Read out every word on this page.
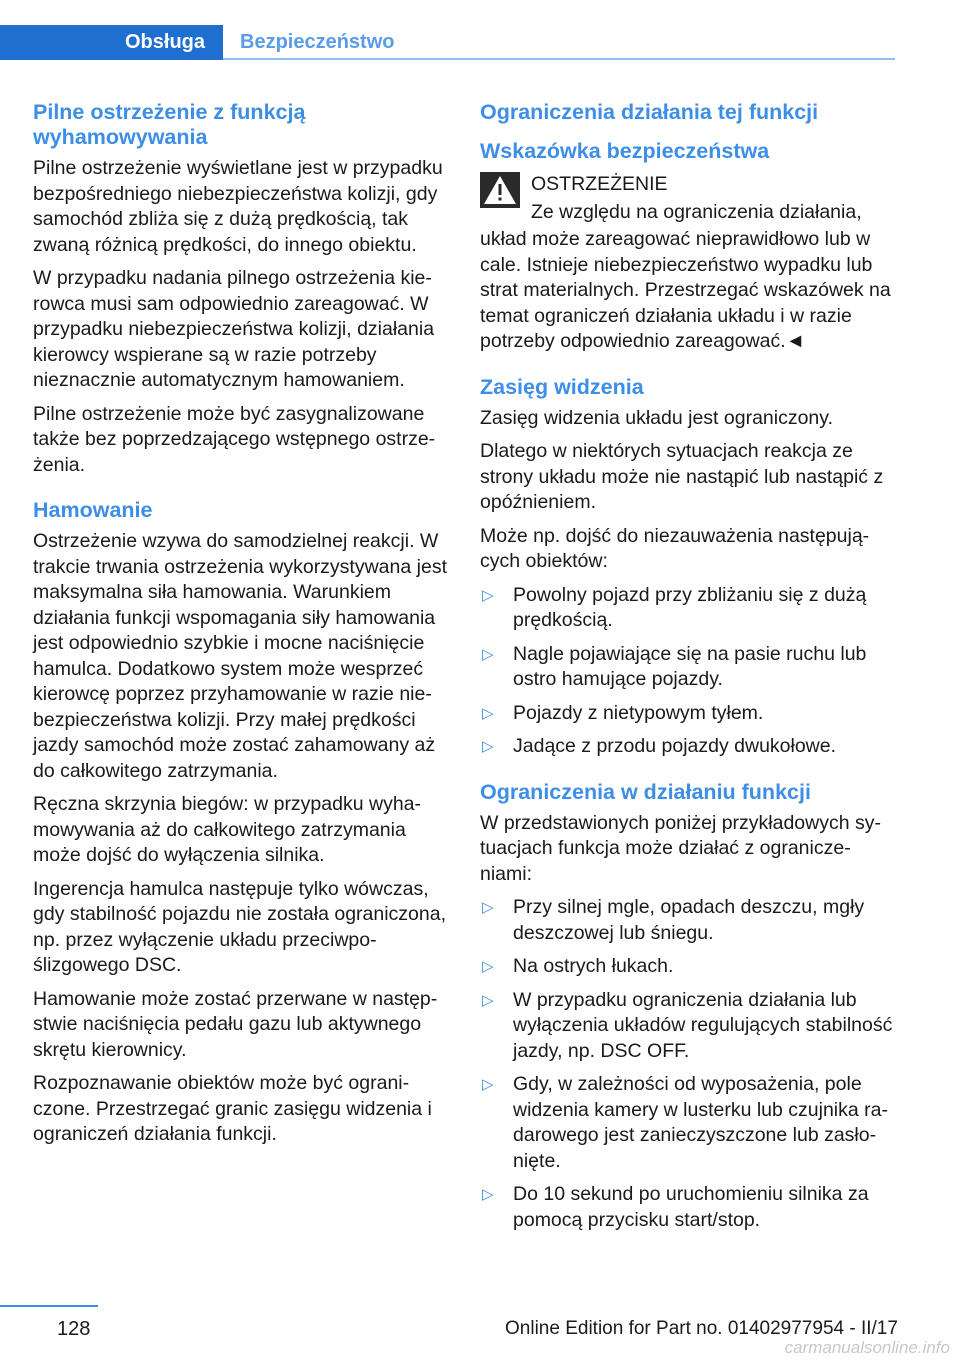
Obsługa Bezpieczeństwo
Pilne ostrzeżenie z funkcją wyhamowywania

Pilne ostrzeżenie wyświetlane jest w przypadku bezpośredniego niebezpieczeństwa kolizji, gdy samochód zbliża się z dużą prędkością, tak zwaną różnicą prędkości, do innego obiektu.

W przypadku nadania pilnego ostrzeżenia kierowca musi sam odpowiednio zareagować. W przypadku niebezpieczeństwa kolizji, działania kierowcy wspierane są w razie potrzeby nieznacznie automatycznym hamowaniem.

Pilne ostrzeżenie może być zasygnalizowane także bez poprzedzającego wstępnego ostrzeżenia.

Hamowanie

Ostrzeżenie wzywa do samodzielnej reakcji. W trakcie trwania ostrzeżenia wykorzystywana jest maksymalna siła hamowania. Warunkiem działania funkcji wspomagania siły hamowania jest odpowiednio szybkie i mocne naciśnięcie hamulca. Dodatkowo system może wesprzeć kierowcę poprzez przyhamowanie w razie niebezpieczeństwa kolizji. Przy małej prędkości jazdy samochód może zostać zahamowany aż do całkowitego zatrzymania.

Ręczna skrzynia biegów: w przypadku wyhamowywania aż do całkowitego zatrzymania może dojść do wyłączenia silnika.

Ingerencja hamulca następuje tylko wówczas, gdy stabilność pojazdu nie została ograniczona, np. przez wyłączenie układu przeciwpoślizgowego DSC.

Hamowanie może zostać przerwane w następstwie naciśnięcia pedału gazu lub aktywnego skrętu kierownicy.

Rozpoznawanie obiektów może być ograniczone. Przestrzegać granic zasięgu widzenia i ograniczeń działania funkcji.

Ograniczenia działania tej funkcji
Wskazówka bezpieczeństwa

OSTRZEŻENIE

Ze względu na ograniczenia działania,

układ może zareagować nieprawidłowo lub w cale. Istnieje niebezpieczeństwo wypadku lub strat materialnych. Przestrzegać wskazówek na temat ograniczeń działania układu i w razie potrzeby odpowiednio zareagować.◄

Zasięg widzenia

Zasięg widzenia układu jest ograniczony.

Dlatego w niektórych sytuacjach reakcja ze strony układu może nie nastąpić lub nastąpić z opóźnieniem.

Może np. dojść do niezauważenia następujących obiektów:

▷ Powolny pojazd przy zbliżaniu się z dużą prędkością.
▷ Nagle pojawiające się na pasie ruchu lub ostro hamujące pojazdy.
▷ Pojazdy z nietypowym tyłem.
▷ Jadące z przodu pojazdy dwukołowe.
Ograniczenia w działaniu funkcji

W przedstawionych poniżej przykładowych sytuacjach funkcja może działać z ograniczeniami:

▷ Przy silnej mgle, opadach deszczu, mgły deszczowej lub śniegu.
▷ Na ostrych łukach.
▷ W przypadku ograniczenia działania lub wyłączenia układów regulujących stabilność jazdy, np. DSC OFF.
▷ Gdy, w zależności od wyposażenia, pole widzenia kamery w lusterku lub czujnika radarowego jest zanieczyszczone lub zasłonięte.
▷ Do 10 sekund po uruchomieniu silnika za pomocą przycisku start/stop.
128	Online Edition for Part no. 01402977954 - II/17
carmanualsonline.info
